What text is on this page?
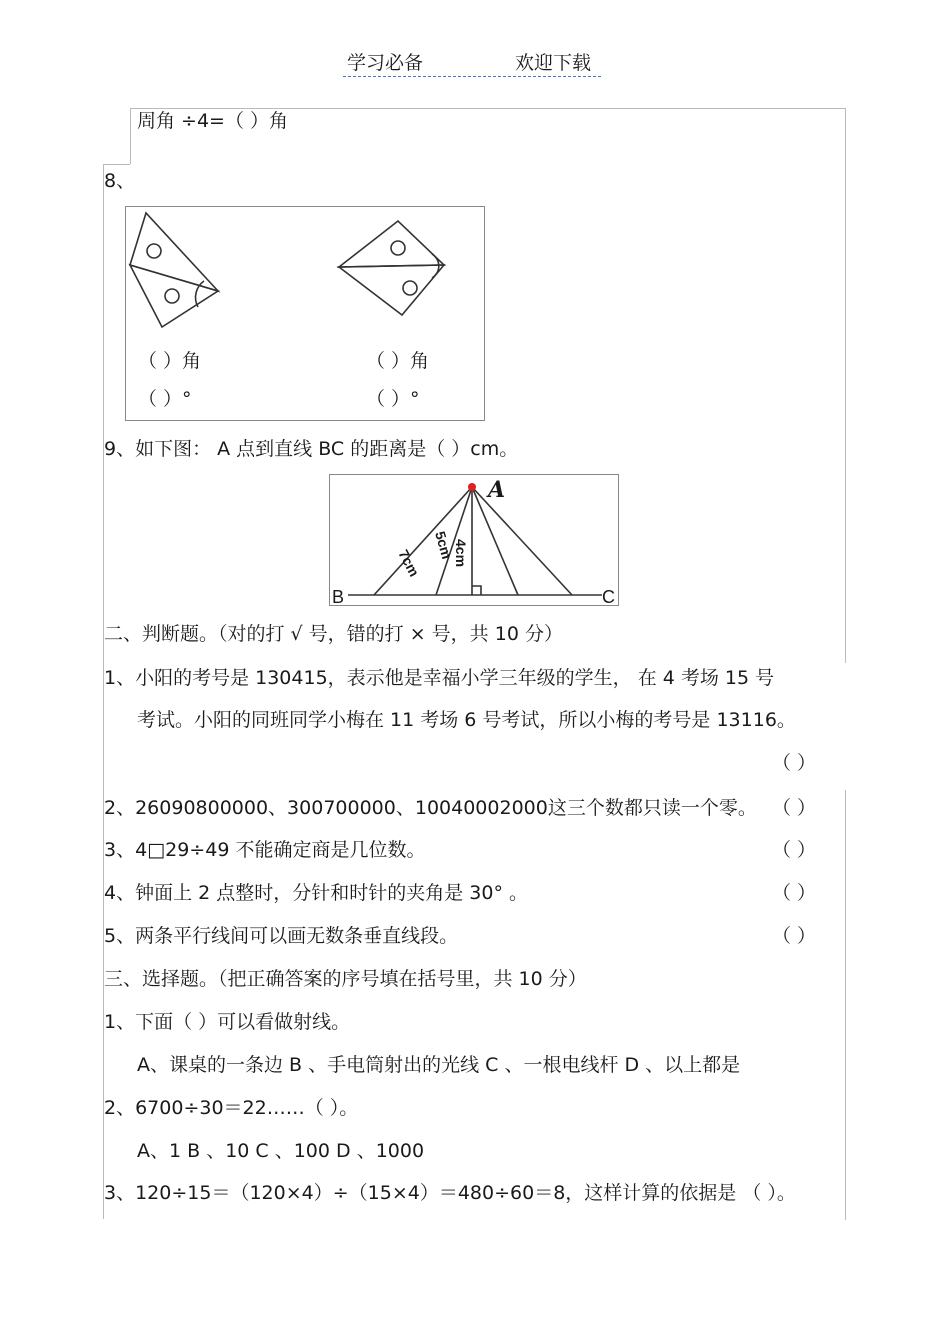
学习必备	欢迎下载
周角 ÷4=（ ）角
8、
（ ）角
（ ）°
（ ）角
（ ）°
9、如下图： A 点到直线 BC 的距离是（ ）cm。
A
B	C
7cm
5cm
4cm
二、判断题。（对的打 √ 号，错的打 × 号，共 10 分）
1、小阳的考号是 130415，表示他是幸福小学三年级的学生， 在 4 考场 15 号
考试。小阳的同班同学小梅在 11 考场 6 号考试，所以小梅的考号是 13116。
（ ）
2、26090800000、300700000、10040002000这三个数都只读一个零。 （ ）
3、4□29÷49 不能确定商是几位数。	（ ）
4、钟面上 2 点整时，分针和时针的夹角是 30° 。	（ ）
5、两条平行线间可以画无数条垂直线段。	（ ）
三、选择题。（把正确答案的序号填在括号里，共 10 分）
1、下面（ ）可以看做射线。
A、课桌的一条边 B 、手电筒射出的光线 C 、一根电线杆 D 、以上都是
2、6700÷30＝22……（ ）。
A、1 B 、10 C 、100 D 、1000
3、120÷15＝（120×4）÷（15×4）＝480÷60＝8，这样计算的依据是 （ ）。
